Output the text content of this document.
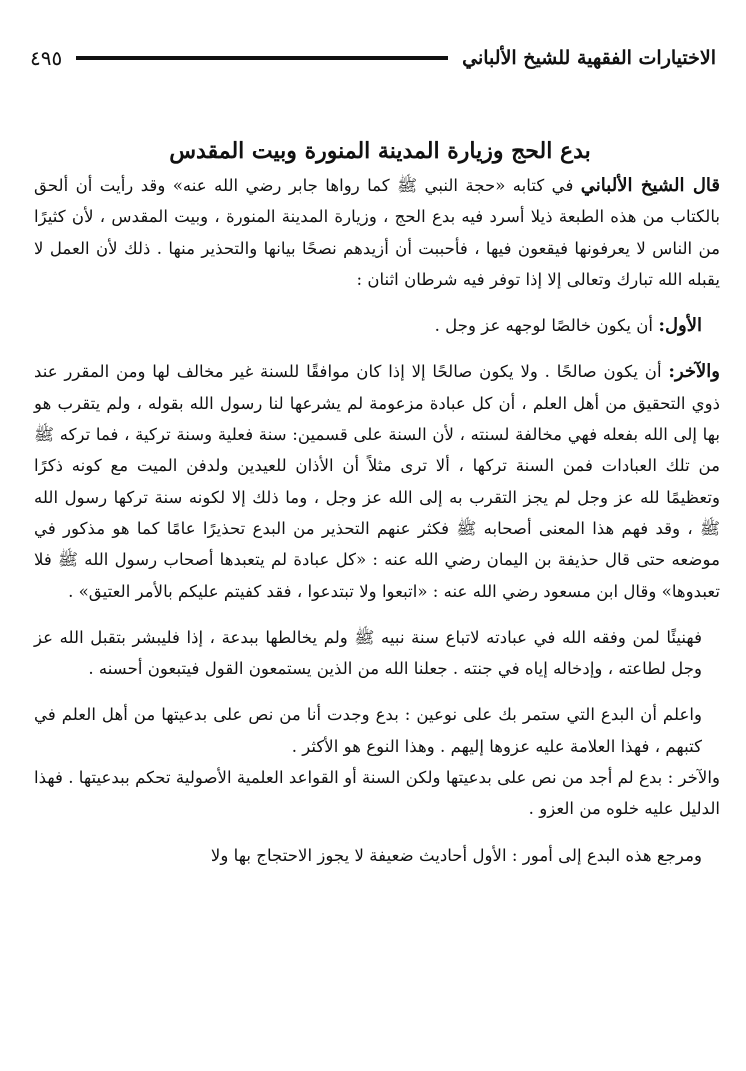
الاختيارات الفقهية للشيخ الألباني
٤٩٥
بدع الحج وزيارة المدينة المنورة وبيت المقدس

قال الشيخ الألباني في كتابه «حجة النبي ﷺ كما رواها جابر رضي الله عنه» وقد رأيت أن ألحق بالكتاب من هذه الطبعة ذيلا أسرد فيه بدع الحج ، وزيارة المدينة المنورة ، وبيت المقدس ، لأن كثيرًا من الناس لا يعرفونها فيقعون فيها ، فأحببت أن أزيدهم نصحًا بيانها والتحذير منها . ذلك لأن العمل لا يقبله الله تبارك وتعالى إلا إذا توفر فيه شرطان اثنان :

الأول: أن يكون خالصًا لوجهه عز وجل .

والآخر: أن يكون صالحًا . ولا يكون صالحًا إلا إذا كان موافقًا للسنة غير مخالف لها ومن المقرر عند ذوي التحقيق من أهل العلم ، أن كل عبادة مزعومة لم يشرعها لنا رسول الله بقوله ، ولم يتقرب هو بها إلى الله بفعله فهي مخالفة لسنته ، لأن السنة على قسمين: سنة فعلية وسنة تركية ، فما تركه ﷺ من تلك العبادات فمن السنة تركها ، ألا ترى مثلاً أن الأذان للعيدين ولدفن الميت مع كونه ذكرًا وتعظيمًا لله عز وجل لم يجز التقرب به إلى الله عز وجل ، وما ذلك إلا لكونه سنة تركها رسول الله ﷺ ، وقد فهم هذا المعنى أصحابه ﷺ فكثر عنهم التحذير من البدع تحذيرًا عامًا كما هو مذكور في موضعه حتى قال حذيفة بن اليمان رضي الله عنه : «كل عبادة لم يتعبدها أصحاب رسول الله ﷺ فلا تعبدوها» وقال ابن مسعود رضي الله عنه : «اتبعوا ولا تبتدعوا ، فقد كفيتم عليكم بالأمر العتيق» .

فهنيئًا لمن وفقه الله في عبادته لاتباع سنة نبيه ﷺ ولم يخالطها ببدعة ، إذا فليبشر بتقبل الله عز وجل لطاعته ، وإدخاله إياه في جنته . جعلنا الله من الذين يستمعون القول فيتبعون أحسنه .

واعلم أن البدع التي ستمر بك على نوعين : بدع وجدت أنا من نص على بدعيتها من أهل العلم في كتبهم ، فهذا العلامة عليه عزوها إليهم . وهذا النوع هو الأكثر .

والآخر : بدع لم أجد من نص على بدعيتها ولكن السنة أو القواعد العلمية الأصولية تحكم ببدعيتها . فهذا الدليل عليه خلوه من العزو .

ومرجع هذه البدع إلى أمور : الأول أحاديث ضعيفة لا يجوز الاحتجاج بها ولا
